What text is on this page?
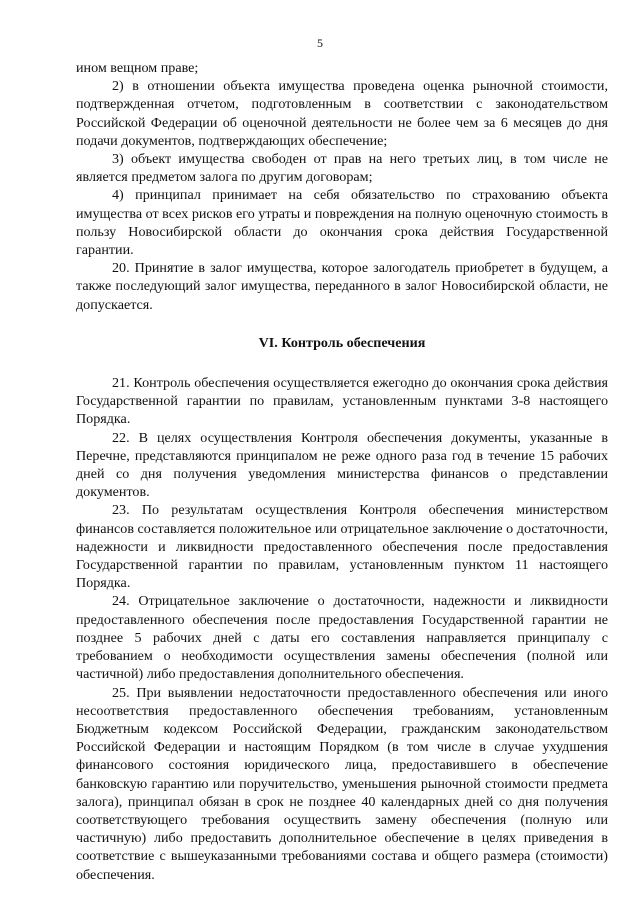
5

ином вещном праве;

2) в отношении объекта имущества проведена оценка рыночной стоимости, подтвержденная отчетом, подготовленным в соответствии с законодательством Российской Федерации об оценочной деятельности не более чем за 6 месяцев до дня подачи документов, подтверждающих обеспечение;

3) объект имущества свободен от прав на него третьих лиц, в том числе не является предметом залога по другим договорам;

4) принципал принимает на себя обязательство по страхованию объекта имущества от всех рисков его утраты и повреждения на полную оценочную стоимость в пользу Новосибирской области до окончания срока действия Государственной гарантии.

20. Принятие в залог имущества, которое залогодатель приобретет в будущем, а также последующий залог имущества, переданного в залог Новосибирской области, не допускается.

VI. Контроль обеспечения

21. Контроль обеспечения осуществляется ежегодно до окончания срока действия Государственной гарантии по правилам, установленным пунктами 3-8 настоящего Порядка.

22. В целях осуществления Контроля обеспечения документы, указанные в Перечне, представляются принципалом не реже одного раза год в течение 15 рабочих дней со дня получения уведомления министерства финансов о представлении документов.

23. По результатам осуществления Контроля обеспечения министерством финансов составляется положительное или отрицательное заключение о достаточности, надежности и ликвидности предоставленного обеспечения после предоставления Государственной гарантии по правилам, установленным пунктом 11 настоящего Порядка.

24. Отрицательное заключение о достаточности, надежности и ликвидности предоставленного обеспечения после предоставления Государственной гарантии не позднее 5 рабочих дней с даты его составления направляется принципалу с требованием о необходимости осуществления замены обеспечения (полной или частичной) либо предоставления дополнительного обеспечения.

25. При выявлении недостаточности предоставленного обеспечения или иного несоответствия предоставленного обеспечения требованиям, установленным Бюджетным кодексом Российской Федерации, гражданским законодательством Российской Федерации и настоящим Порядком (в том числе в случае ухудшения финансового состояния юридического лица, предоставившего в обеспечение банковскую гарантию или поручительство, уменьшения рыночной стоимости предмета залога), принципал обязан в срок не позднее 40 календарных дней со дня получения соответствующего требования осуществить замену обеспечения (полную или частичную) либо предоставить дополнительное обеспечение в целях приведения в соответствие с вышеуказанными требованиями состава и общего размера (стоимости) обеспечения.
